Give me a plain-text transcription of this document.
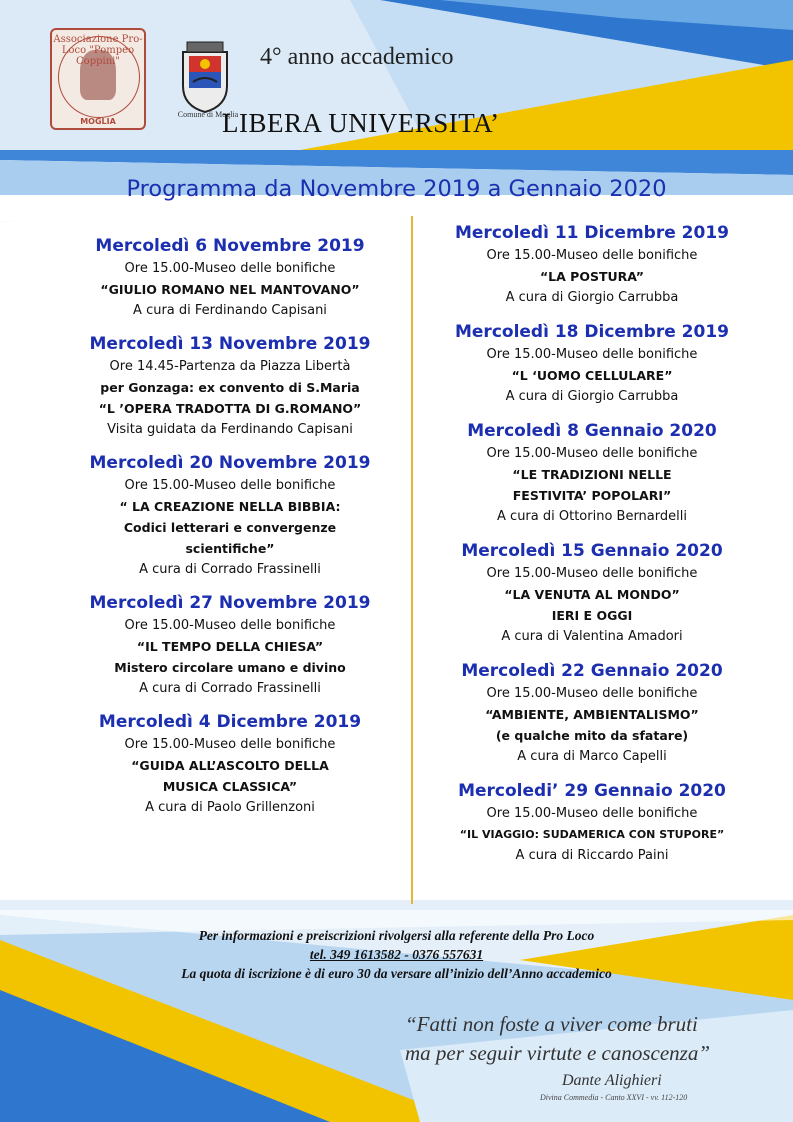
Associazione Pro-Loco "Pompeo Coppini"
MOGLIA
Comune di Moglia
4° anno accademico
LIBERA UNIVERSITA’
Programma da Novembre 2019 a Gennaio 2020
Mercoledì 6 Novembre 2019
Ore 15.00-Museo delle bonifiche
“GIULIO ROMANO NEL MANTOVANO”
A cura di Ferdinando Capisani
Mercoledì 13 Novembre 2019
Ore 14.45-Partenza da Piazza Libertà
per Gonzaga: ex convento di S.Maria
“L ’OPERA TRADOTTA DI G.ROMANO”
Visita guidata da Ferdinando Capisani
Mercoledì 20 Novembre 2019
Ore 15.00-Museo delle bonifiche
“ LA CREAZIONE NELLA BIBBIA:
Codici letterari e convergenze
scientifiche”
A cura di Corrado Frassinelli
Mercoledì 27 Novembre 2019
Ore 15.00-Museo delle bonifiche
“IL TEMPO DELLA CHIESA”
Mistero circolare umano e divino
A cura di Corrado Frassinelli
Mercoledì 4 Dicembre 2019
Ore 15.00-Museo delle bonifiche
“GUIDA ALL’ASCOLTO DELLA
MUSICA CLASSICA”
A cura di Paolo Grillenzoni
Mercoledì 11 Dicembre 2019
Ore 15.00-Museo delle bonifiche
“LA POSTURA”
A cura di Giorgio Carrubba
Mercoledì 18 Dicembre 2019
Ore 15.00-Museo delle bonifiche
“L ‘UOMO CELLULARE”
A cura di Giorgio Carrubba
Mercoledì 8 Gennaio 2020
Ore 15.00-Museo delle bonifiche
“LE TRADIZIONI NELLE
FESTIVITA’ POPOLARI”
A cura di Ottorino Bernardelli
Mercoledì 15 Gennaio 2020
Ore 15.00-Museo delle bonifiche
“LA VENUTA AL MONDO”
IERI E OGGI
A cura di Valentina Amadori
Mercoledì 22 Gennaio 2020
Ore 15.00-Museo delle bonifiche
“AMBIENTE, AMBIENTALISMO”
(e qualche mito da sfatare)
A cura di Marco Capelli
Mercoledi’ 29 Gennaio 2020
Ore 15.00-Museo delle bonifiche
“IL VIAGGIO: SUDAMERICA CON STUPORE”
A cura di Riccardo Paini
Per informazioni e preiscrizioni rivolgersi alla referente della Pro Loco
tel. 349 1613582 - 0376 557631
La quota di iscrizione è di euro 30 da versare all’inizio dell’Anno accademico
“Fatti non foste a viver come bruti
ma per seguir virtute e canoscenza”
Dante Alighieri
Divina Commedia - Canto XXVI - vv. 112-120
